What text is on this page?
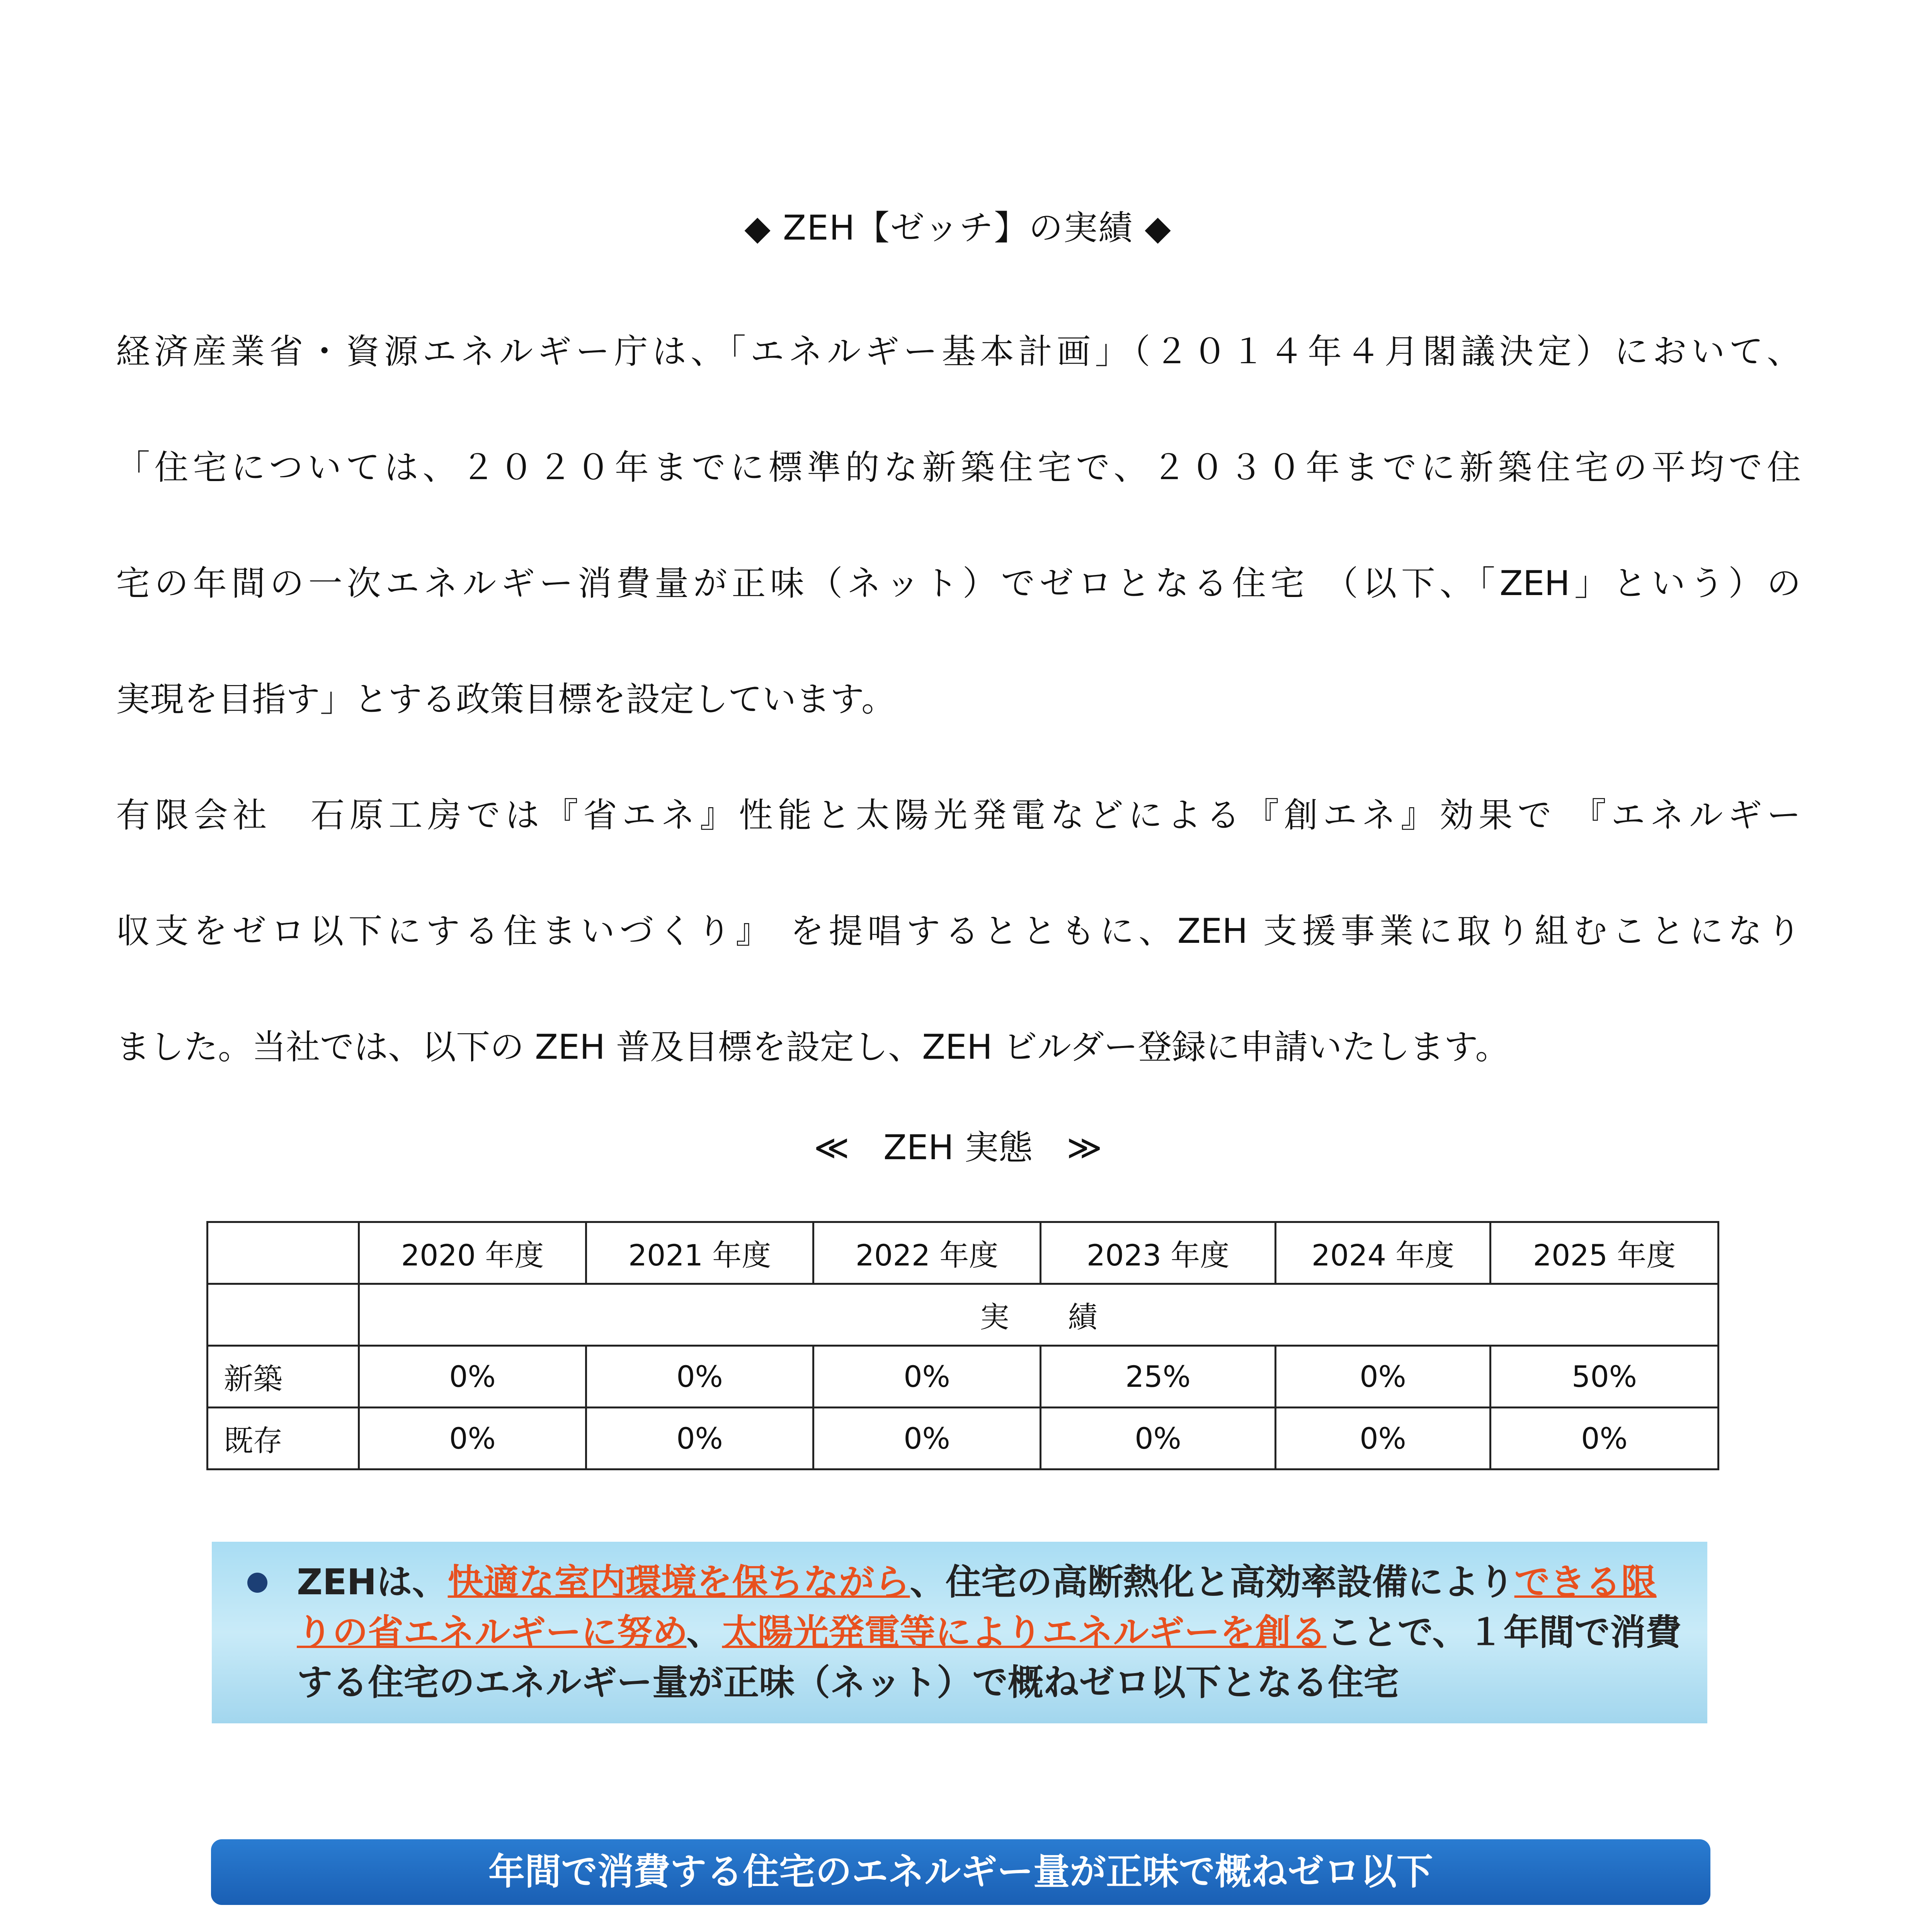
◆ ZEH【ゼッチ】の実績 ◆
経済産業省・資源エネルギー庁は、「エネルギー基本計画」（２０１４年４月閣議決定）において、
「住宅については、２０２０年までに標準的な新築住宅で、２０３０年までに新築住宅の平均で住
宅の年間の一次エネルギー消費量が正味（ネット）でゼロとなる住宅 （以下、「ZEH」という）の
実現を目指す」とする政策目標を設定しています。
有限会社　石原工房では『省エネ』性能と太陽光発電などによる『創エネ』効果で 『エネルギー
収支をゼロ以下にする住まいづくり』 を提唱するとともに、ZEH 支援事業に取り組むことになり
ました。当社では、以下の ZEH 普及目標を設定し、ZEH ビルダー登録に申請いたします。
≪　ZEH 実態　≫
	2020 年度	2021 年度	2022 年度	2023 年度	2024 年度	2025 年度
	実　　績					
新築	0%	0%	0%	25%	0%	50%
既存	0%	0%	0%	0%	0%	0%
ZEHは、快適な室内環境を保ちながら、住宅の高断熱化と高効率設備によりできる限りの省エネルギーに努め、太陽光発電等によりエネルギーを創ることで、１年間で消費する住宅のエネルギー量が正味（ネット）で概ねゼロ以下となる住宅
年間で消費する住宅のエネルギー量が正味で概ねゼロ以下
